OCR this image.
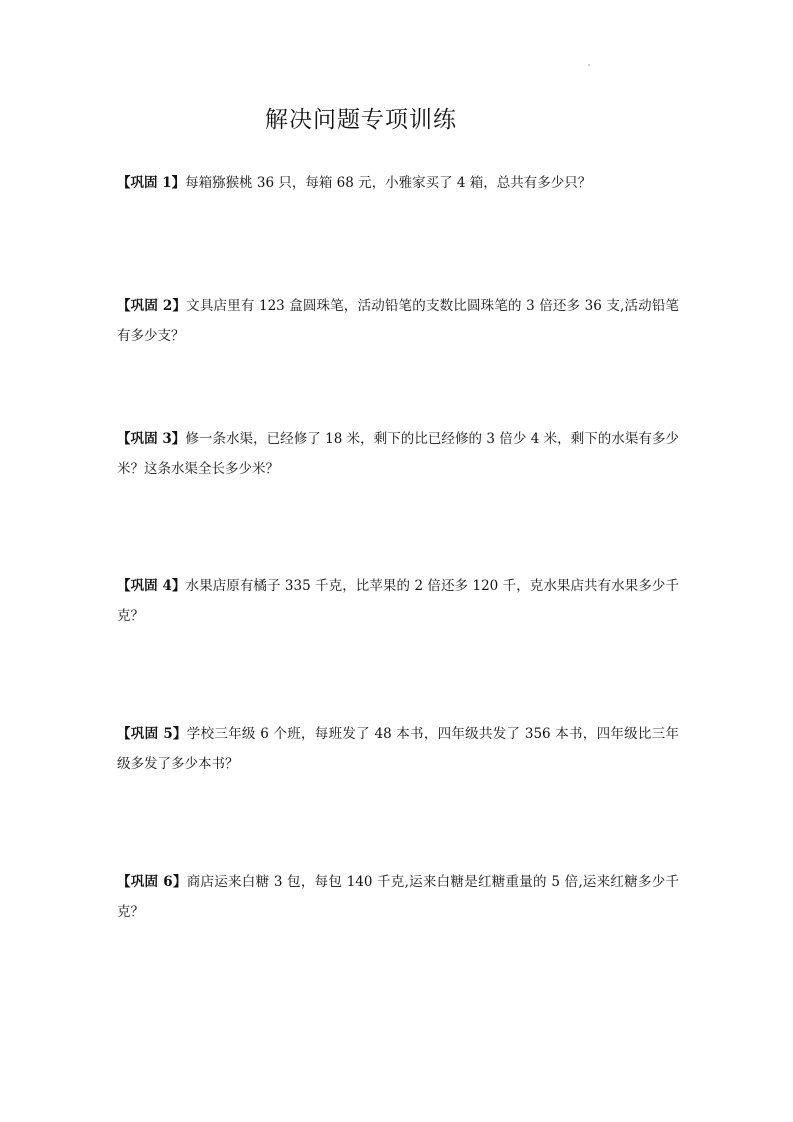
解决问题专项训练

【巩固 1】每箱猕猴桃 36 只，每箱 68 元，小雅家买了 4 箱，总共有多少只？

【巩固 2】文具店里有 123 盒圆珠笔，活动铅笔的支数比圆珠笔的 3 倍还多 36 支,活动铅笔有多少支？

【巩固 3】修一条水渠，已经修了 18 米，剩下的比已经修的 3 倍少 4 米，剩下的水渠有多少米？这条水渠全长多少米？

【巩固 4】水果店原有橘子 335 千克，比苹果的 2 倍还多 120 千，克水果店共有水果多少千克？

【巩固 5】学校三年级 6 个班，每班发了 48 本书，四年级共发了 356 本书，四年级比三年级多发了多少本书？

【巩固 6】商店运来白糖 3 包，每包 140 千克,运来白糖是红糖重量的 5 倍,运来红糖多少千克？
